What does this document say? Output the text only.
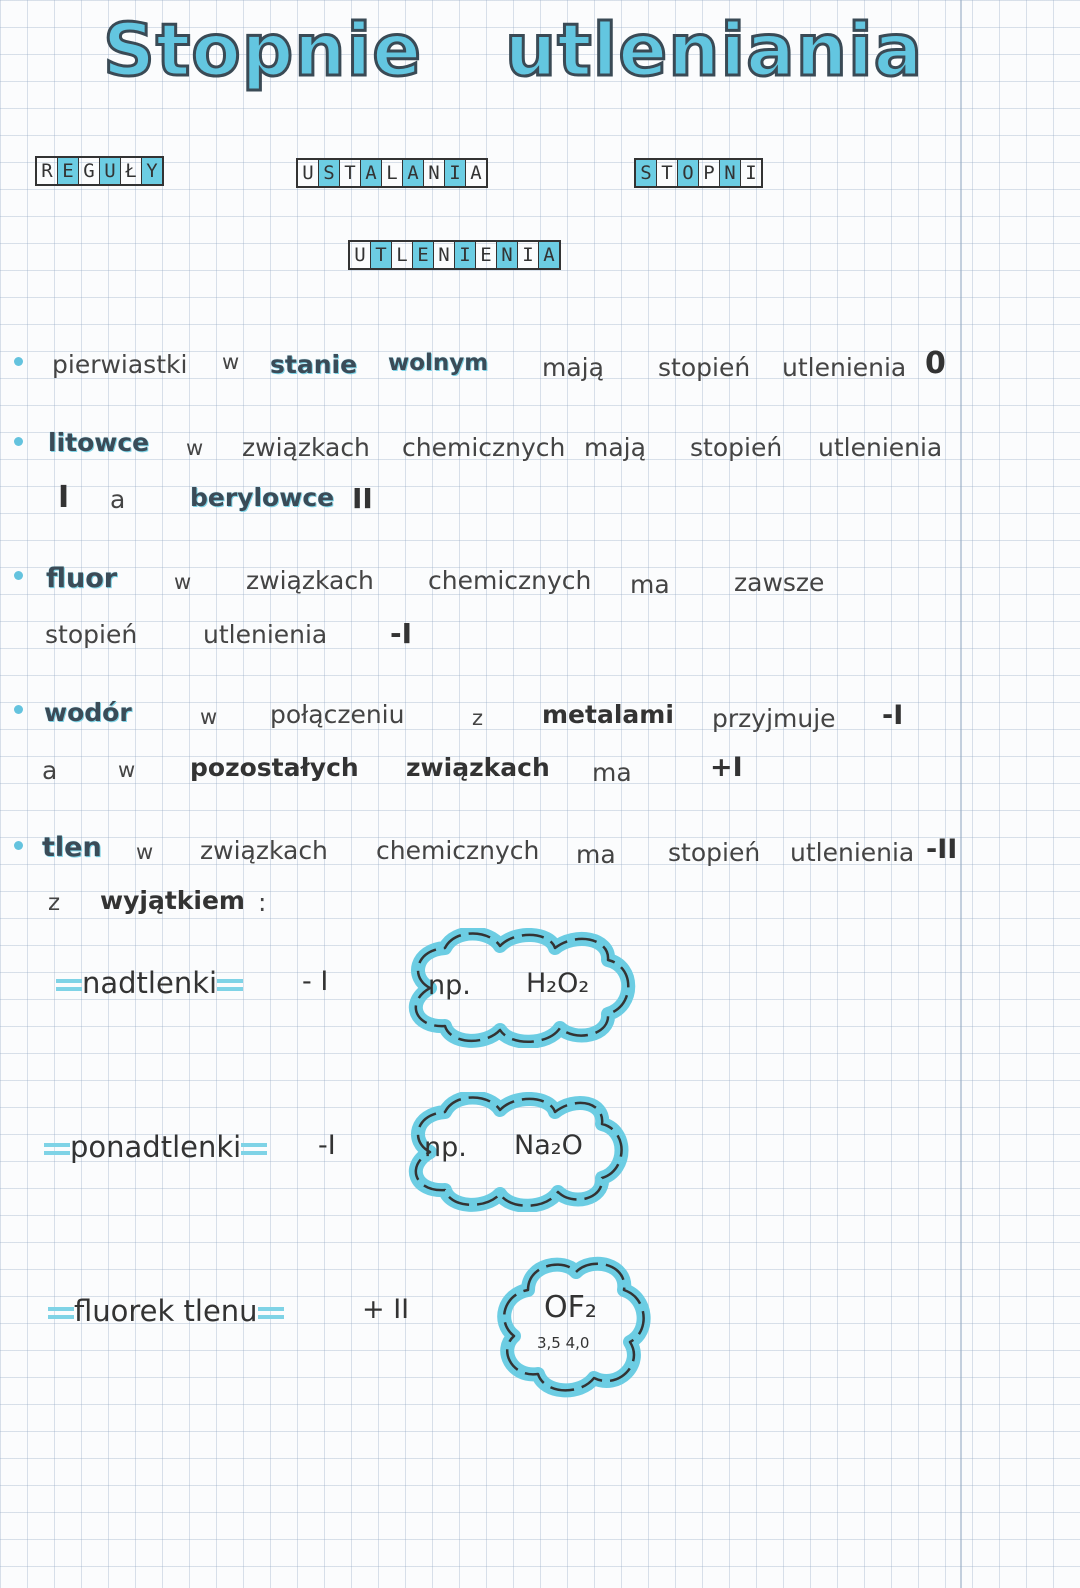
Stopnie utleniania
R E G U Ł Y	U S T A L A N I A	S T O P N I
U T L E N I E N I A
pierwiastki w stanie wolnym mają stopień utlenienia 0
litowce w związkach chemicznych mają stopień utlenienia
I a	berylowce II
fluor	w związkach chemicznych ma	zawsze
stopień	utlenienia -I
wodór	w połączeniu	z metalami przyjmuje -I
a	w pozostałych związkach ma	+I
tlen w związkach chemicznych ma stopień utlenienia -II
z wyjątkiem :
nadtlenki	- I	np. H₂O₂
ponadtlenki	-I	np. Na₂O
fluorek tlenu	+ II	OF₂
3,5 4,0
